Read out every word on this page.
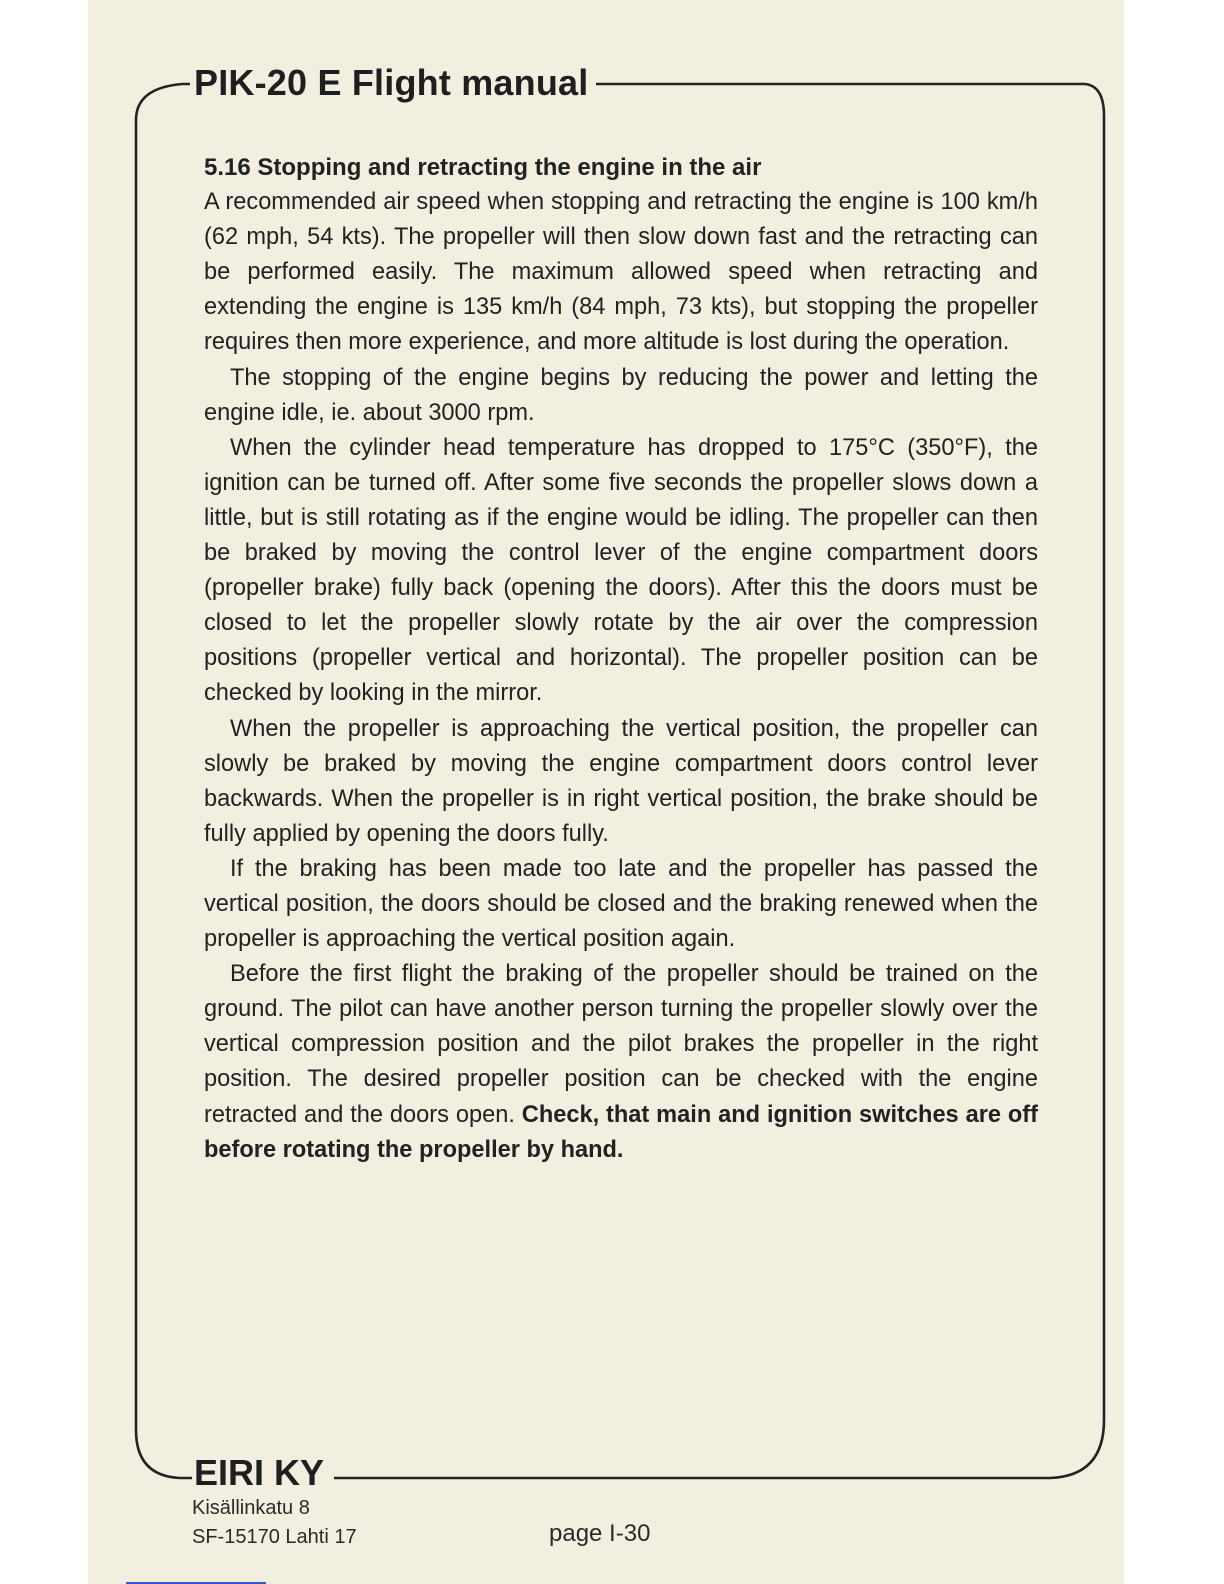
PIK-20 E Flight manual

5.16 Stopping and retracting the engine in the air

A recommended air speed when stopping and retracting the engine is 100 km/h (62 mph, 54 kts). The propeller will then slow down fast and the retracting can be performed easily. The maximum allowed speed when retracting and extending the engine is 135 km/h (84 mph, 73 kts), but stopping the propeller requires then more experience, and more altitude is lost during the operation.

The stopping of the engine begins by reducing the power and letting the engine idle, ie. about 3000 rpm.

When the cylinder head temperature has dropped to 175°C (350°F), the ignition can be turned off. After some five seconds the propeller slows down a little, but is still rotating as if the engine would be idling. The propeller can then be braked by moving the control lever of the engine compartment doors (propeller brake) fully back (opening the doors). After this the doors must be closed to let the propeller slowly rotate by the air over the compression positions (propeller vertical and horizontal). The propeller position can be checked by looking in the mirror.

When the propeller is approaching the vertical position, the propeller can slowly be braked by moving the engine compartment doors control lever backwards. When the propeller is in right vertical position, the brake should be fully applied by opening the doors fully.

If the braking has been made too late and the propeller has passed the vertical position, the doors should be closed and the braking renewed when the propeller is approaching the vertical position again.

Before the first flight the braking of the propeller should be trained on the ground. The pilot can have another person turning the propeller slowly over the vertical compression position and the pilot brakes the propeller in the right position. The desired propeller position can be checked with the engine retracted and the doors open. Check, that main and ignition switches are off before rotating the propeller by hand.

EIRI KY
Kisällinkatu 8
SF-15170 Lahti 17	page I-30
